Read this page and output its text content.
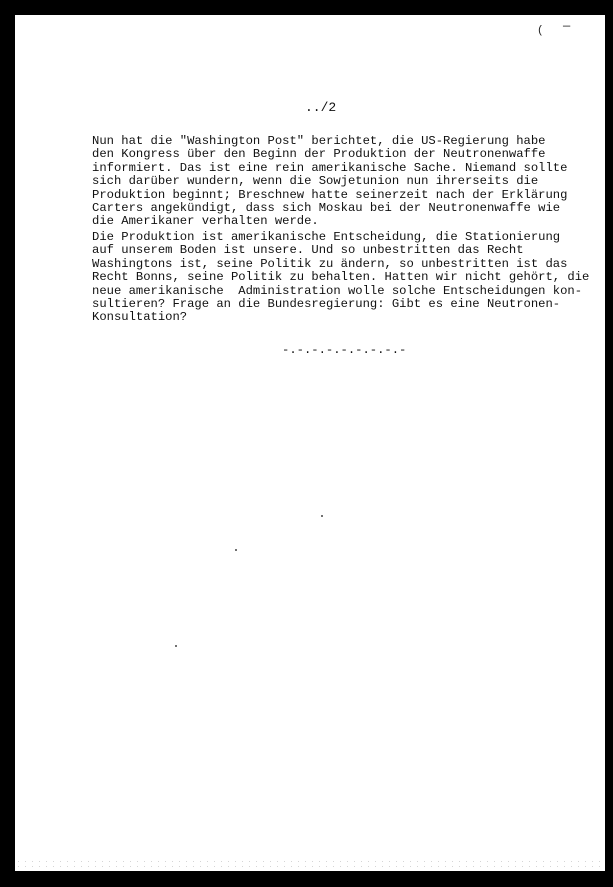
( —
../2
Nun hat die "Washington Post" berichtet, die US-Regierung habe
den Kongress über den Beginn der Produktion der Neutronenwaffe
informiert. Das ist eine rein amerikanische Sache. Niemand sollte
sich darüber wundern, wenn die Sowjetunion nun ihrerseits die
Produktion beginnt; Breschnew hatte seinerzeit nach der Erklärung
Carters angekündigt, dass sich Moskau bei der Neutronenwaffe wie
die Amerikaner verhalten werde.
Die Produktion ist amerikanische Entscheidung, die Stationierung
auf unserem Boden ist unsere. Und so unbestritten das Recht
Washingtons ist, seine Politik zu ändern, so unbestritten ist das
Recht Bonns, seine Politik zu behalten. Hatten wir nicht gehört, die
neue amerikanische  Administration wolle solche Entscheidungen kon-
sultieren? Frage an die Bundesregierung: Gibt es eine Neutronen-
Konsultation?
-.-.-.-.-.-.-.-.-
